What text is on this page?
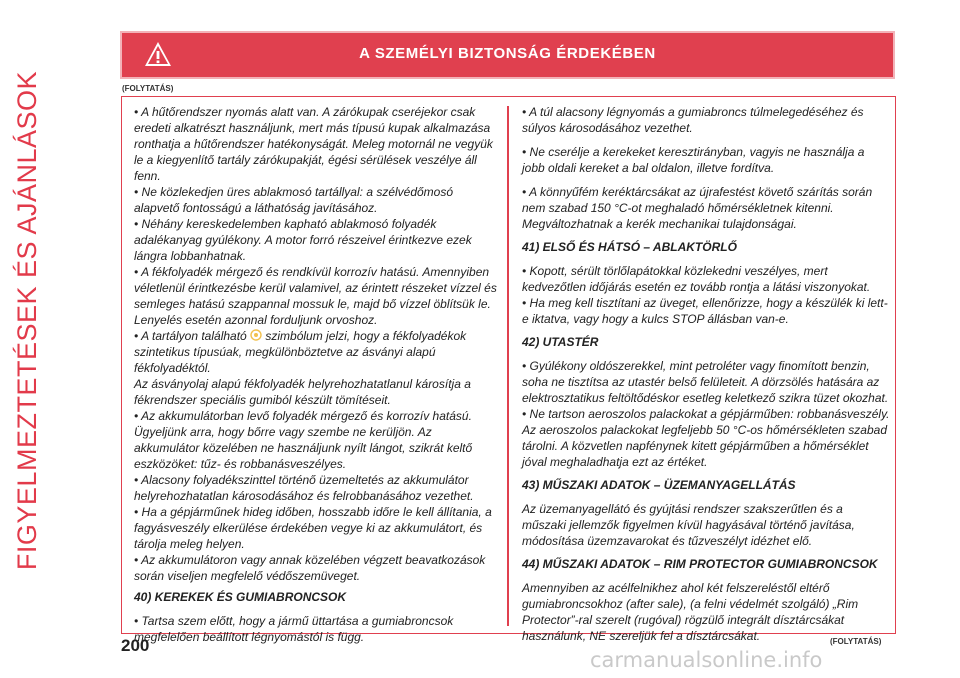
FIGYELMEZTETÉSEK ÉS AJÁNLÁSOK
A SZEMÉLYI BIZTONSÁG ÉRDEKÉBEN
(FOLYTATÁS)

• A hűtőrendszer nyomás alatt van. A zárókupak cseréjekor csak eredeti alkatrészt használjunk, mert más típusú kupak alkalmazása ronthatja a hűtőrendszer hatékonyságát. Meleg motornál ne vegyük le a kiegyenlítő tartály zárókupakját, égési sérülések veszélye áll fenn.

• Ne közlekedjen üres ablakmosó tartállyal: a szélvédőmosó alapvető fontosságú a láthatóság javításához.

• Néhány kereskedelemben kapható ablakmosó folyadék adalékanyag gyúlékony. A motor forró részeivel érintkezve ezek lángra lobbanhatnak.

• A fékfolyadék mérgező és rendkívül korrozív hatású. Amennyiben véletlenül érintkezésbe kerül valamivel, az érintett részeket vízzel és semleges hatású szappannal mossuk le, majd bő vízzel öblítsük le. Lenyelés esetén azonnal forduljunk orvoshoz.

• A tartályon található  szimbólum jelzi, hogy a fékfolyadékok szintetikus típusúak, megkülönböztetve az ásványi alapú fékfolyadéktól.

Az ásványolaj alapú fékfolyadék helyrehozhatatlanul károsítja a fékrendszer speciális gumiból készült tömítéseit.

• Az akkumulátorban levő folyadék mérgező és korrozív hatású. Ügyeljünk arra, hogy bőrre vagy szembe ne kerüljön. Az akkumulátor közelében ne használjunk nyílt lángot, szikrát keltő eszközöket: tűz- és robbanásveszélyes.

• Alacsony folyadékszinttel történő üzemeltetés az akkumulátor helyrehozhatatlan károsodásához és felrobbanásához vezethet.

• Ha a gépjárműnek hideg időben, hosszabb időre le kell állítania, a fagyásveszély elkerülése érdekében vegye ki az akkumulátort, és tárolja meleg helyen.

• Az akkumulátoron vagy annak közelében végzett beavatkozások során viseljen megfelelő védőszemüveget.

40) KEREKEK ÉS GUMIABRONCSOK

• Tartsa szem előtt, hogy a jármű üttartása a gumiabroncsok megfelelően beállított légnyomástól is függ.

• A túl alacsony légnyomás a gumiabroncs túlmelegedéséhez és súlyos károsodásához vezethet.

• Ne cserélje a kerekeket keresztirányban, vagyis ne használja a jobb oldali kereket a bal oldalon, illetve fordítva.

• A könnyűfém keréktárcsákat az újrafestést követő szárítás során nem szabad 150 °C-ot meghaladó hőmérsékletnek kitenni. Megváltozhatnak a kerék mechanikai tulajdonságai.

41) ELSŐ ÉS HÁTSÓ – ABLAKTÖRLŐ

• Kopott, sérült törlőlapátokkal közlekedni veszélyes, mert kedvezőtlen időjárás esetén ez tovább rontja a látási viszonyokat.

• Ha meg kell tisztítani az üveget, ellenőrizze, hogy a készülék ki lett-e iktatva, vagy hogy a kulcs STOP állásban van-e.

42) UTASTÉR

• Gyúlékony oldószerekkel, mint petroléter vagy finomított benzin, soha ne tisztítsa az utastér belső felületeit. A dörzsölés hatására az elektrosztatikus feltöltődéskor esetleg keletkező szikra tüzet okozhat.

• Ne tartson aeroszolos palackokat a gépjárműben: robbanásveszély. Az aeroszolos palackokat legfeljebb 50 °C-os hőmérsékleten szabad tárolni. A közvetlen napfénynek kitett gépjárműben a hőmérséklet jóval meghaladhatja ezt az értéket.

43) MŰSZAKI ADATOK – ÜZEMANYAGELLÁTÁS

Az üzemanyagellátó és gyújtási rendszer szakszerűtlen és a műszaki jellemzők figyelmen kívül hagyásával történő javítása, módosítása üzemzavarokat és tűzveszélyt idézhet elő.

44) MŰSZAKI ADATOK – RIM PROTECTOR GUMIABRONCSOK

Amennyiben az acélfelnikhez ahol két felszereléstől eltérő gumiabroncsokhoz (after sale), (a felni védelmét szolgáló) „Rim Protector”-ral szerelt (rugóval) rögzülő integrált dísztárcsákat használunk, NE szereljük fel a dísztárcsákat.

200	(FOLYTATÁS)
carmanualsonline.info
